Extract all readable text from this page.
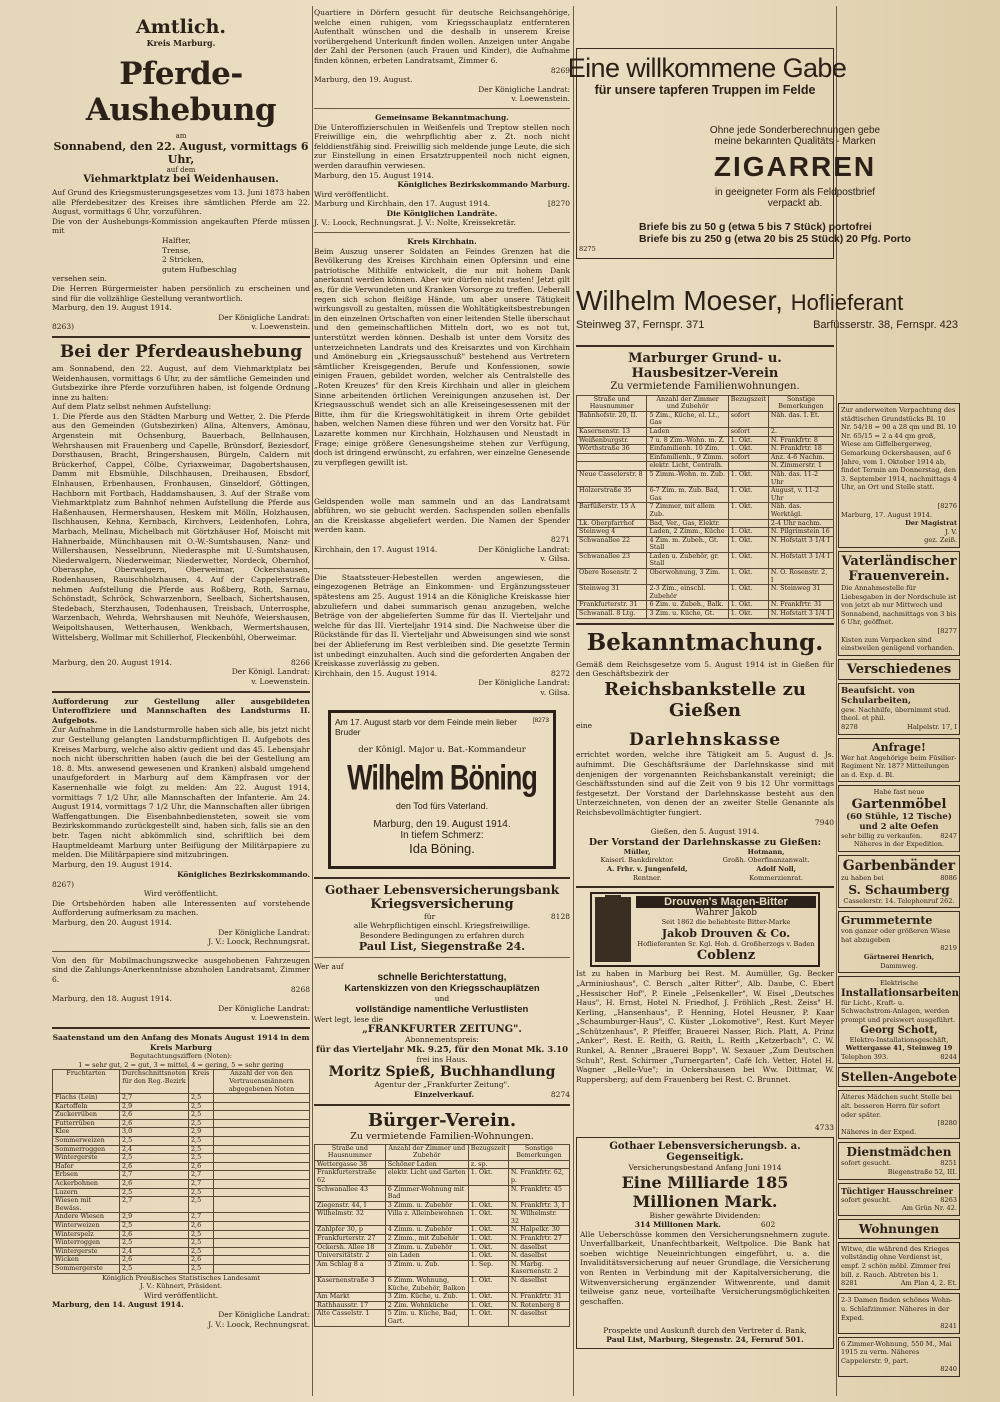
Amtlich.
Kreis Marburg.
Pferde-Aushebung
am
Sonnabend, den 22. August, vormittags 6 Uhr,
auf dem
Viehmarktplatz bei Weidenhausen.
Auf Grund des Kriegsmusterungsgesetzes vom 13. Juni 1873 haben alle Pferdebesitzer des Kreises ihre sämtlichen Pferde am 22. August, vormittags 6 Uhr, vorzuführen.
Die von der Aushebungs-Kommission angekauften Pferde müssen mit
Halfter,
Trense,
2 Stricken,
gutem Hufbeschlag
versehen sein.
Die Herren Bürgermeister haben persönlich zu erscheinen und sind für die vollzählige Gestellung verantwortlich.
Marburg, den 19. August 1914.
Der Königliche Landrat:
8263)	v. Loewenstein.
Bei der Pferdeaushebung
am Sonnabend, den 22. August, auf dem Viehmarktplatz bei Weidenhausen, vormittags 6 Uhr, zu der sämtliche Gemeinden und Gutsbezirke ihre Pferde vorzuführen haben, ist folgende Ordnung inne zu halten:
Auf dem Platz selbst nehmen Aufstellung:
1. Die Pferde aus den Städten Marburg und Wetter, 2. Die Pferde aus den Gemeinden (Gutsbezirken) Allna, Altenvers, Amönau, Argenstein mit Ochsenburg, Bauerbach, Bellnhausen, Wehrshausen mit Frauenberg und Capelle, Brünsdorf, Beziesdorf, Dorsthausen, Bracht, Bringershausen, Bürgeln, Caldern mit Brückerhof, Cappel, Cölbe, Cyriaxweimar, Dagobertshausen, Damm mit Ebsmühle, Dilschhausen, Dreihausen, Ebsdorf, Elnhausen, Erbenhausen, Fronhausen, Ginseldorf, Göttingen, Hachborn mit Fortbach, Haddamshausen, 3. Auf der Straße vom Viehmarktplatz zum Bahnhof nehmen Aufstellung die Pferde aus Haßenhausen, Hermershausen, Heskem mit Mölln, Holzhausen, Ilschhausen, Kehna, Kernbach, Kirchvers, Leidenhofen, Lohra, Marbach, Mellnau, Michelbach mit Görtzhäuser Hof, Moischt mit Hahnerbaide, Münchhausen mit O.-W.-Sumtshausen, Nanz- und Willershausen, Nesselbrunn, Niederasphe mit U.-Sumtshausen, Niederwalgern, Niederweimar, Niederwetter, Nordeck, Obernhof, Oberasphe, Oberwalgern, Oberweimar, Ockershausen, Rodenhausen, Rauischholzhausen, 4. Auf der Cappelerstraße nehmen Aufstellung die Pferde aus Roßberg, Roth, Sarnau, Schönstadt, Schröck, Schwarzenborn, Seelbach, Sichertshausen, Stedebach, Sterzhausen, Todenhausen, Treisbach, Unterrosphe, Warzenbach, Wehrda, Wehrshausen mit Neuhöfe, Weiershausen, Weipoltshausen, Wetterhausen, Wenkbach, Wermertshausen, Wittelsberg, Wollmar mit Schillerhof, Fleckenbühl, Oberweimar.
Marburg, den 20. August 1914.	8266
Der Königl. Landrat:
v. Loewenstein.
Aufforderung zur Gestellung aller ausgebildeten Unteroffiziere und Mannschaften des Landsturms II. Aufgebots.
Zur Aufnahme in die Landsturmrolle haben sich alle, bis jetzt nicht zur Gestellung gelangten Landsturmpflichtigen II. Aufgebots des Kreises Marburg, welche also aktiv gedient und das 45. Lebensjahr noch nicht überschritten haben (auch die bei der Gestellung am 18. 8. Mts. anwesend gewesenen und Kranken) alsbald umgehend unaufgefordert in Marburg auf dem Kämpfrasen vor der Kasernenhalle wie folgt zu melden: Am 22. August 1914, vormittags 7 1/2 Uhr, alle Mannschaften der Infanterie. Am 24. August 1914, vormittags 7 1/2 Uhr, die Mannschaften aller übrigen Waffengattungen. Die Eisenbahnbediensteten, soweit sie vom Bezirkskommando zurückgestellt sind, haben sich, falls sie an den betr. Tagen nicht abkömmlich sind, schriftlich bei dem Hauptmeldeamt Marburg unter Beifügung der Militärpapiere zu melden. Die Militärpapiere sind mitzubringen.
Marburg, den 19. August 1914.
Königliches Bezirkskommando.
8267)
Wird veröffentlicht.
Die Ortsbehörden haben alle Interessenten auf vorstehende Aufforderung aufmerksam zu machen.
Marburg, den 20. August 1914.
Der Königliche Landrat:
J. V.: Loock, Rechnungsrat.
Von den für Mobilmachungszwecke ausgehobenen Fahrzeugen sind die Zahlungs-Anerkenntnisse abzuholen Landratsamt, Zimmer 6.
8268
Marburg, den 18. August 1914.
Der Königliche Landrat:
v. Loewenstein.
Saatenstand um den Anfang des Monats August 1914 in dem Kreis Marburg
Begutachtungsziffern (Noten):
1 = sehr gut, 2 = gut, 3 = mittel, 4 = gering, 5 = sehr gering
Fruchtarten	Durchschnittsnoten für den Reg.-Bezirk	Kreis	Anzahl der von den Vertrauensmännern abgegebenen Noten
Flachs (Lein)	2,7	2,5	
Kartoffeln	2,9	2,5	
Zuckerrüben	2,6	2,5	
Futterrüben	2,6	2,5	
Klee	3,0	2,9	
Sommerweizen	2,5	2,5	
Sommerroggen	2,4	2,5	
Wintergerste	2,5	2,5	
Hafer	2,6	2,6	
Erbsen	2,7	2,7	
Ackerbohnen	2,6	2,7	
Luzern	2,5	2,5	
Wiesen mit Bewäss.	2,7	2,5	
Andere Wiesen	2,9	2,7	
Winterweizen	2,5	2,6	
Winterspelz	2,6	2,5	
Winterroggen	2,5	2,5	
Wintergerste	2,4	2,5	
Wicken	2,6	2,6	
Sommergerste	2,5	2,5	
Königlich Preußisches Statistisches Landesamt
J. V.: Kühnert, Präsident.
Wird veröffentlicht.
Marburg, den 14. August 1914.
Der Königliche Landrat:
J. V.: Loock, Rechnungsrat.
Quartiere in Dörfern gesucht für deutsche Reichsangehörige, welche einen ruhigen, vom Kriegsschauplatz entfernteren Aufenthalt wünschen und die deshalb in unserem Kreise vorübergehend Unterkunft finden wollen. Anzeigen unter Angabe der Zahl der Personen (auch Frauen und Kinder), die Aufnahme finden können, erbeten Landratsamt, Zimmer 6.
8269
Marburg, den 19. August.
Der Königliche Landrat:
v. Loewenstein.
Gemeinsame Bekanntmachung.
Die Unteroffizierschulen in Weißenfels und Treptow stellen noch Freiwillige ein, die wehrpflichtig aber z. Zt. noch nicht felddienstfähig sind. Freiwillig sich meldende junge Leute, die sich zur Einstellung in einen Ersatztruppenteil noch nicht eignen, werden daraufhin verwiesen.
Marburg, den 15. August 1914.
Königliches Bezirkskommando Marburg.
Wird veröffentlicht.
Marburg und Kirchhain, den 17. August 1914.	[8270
Die Königlichen Landräte.
J. V.: Loock, Rechnungsrat. J. V.: Nolte, Kreissekretär.
Kreis Kirchhain.
Beim Auszug unserer Soldaten an Feindes Grenzen hat die Bevölkerung des Kreises Kirchhain einen Opfersinn und eine patriotische Mithilfe entwickelt, die nur mit hohem Dank anerkannt werden können. Aber wir dürfen nicht rasten! Jetzt gilt es, für die Verwundeten und Kranken Vorsorge zu treffen. Ueberall regen sich schon fleißige Hände, um aber unsere Tätigkeit wirkungsvoll zu gestalten, müssen die Wohltätigkeitsbestrebungen in den einzelnen Ortschaften von einer leitenden Stelle überschaut und den gemeinschaftlichen Mitteln dort, wo es not tut, unterstützt werden können. Deshalb ist unter dem Vorsitz des unterzeichneten Landrats und des Kreisarztes und von Kirchhain und Amöneburg ein „Kriegsausschuß" bestehend aus Vertretern sämtlicher Kreisgegenden, Berufe und Konfessionen, sowie einigen Frauen, gebildet worden, welcher als Centralstelle des „Roten Kreuzes" für den Kreis Kirchhain und aller in gleichem Sinne arbeitenden örtlichen Vereinigungen anzusehen ist. Der Kriegsausschuß wendet sich an alle Kreiseingesessenen mit der Bitte, ihm für die Kriegswohltätigkeit in ihrem Orte gebildet haben, welchen Namen diese führen und wer den Vorsitz hat. Für Lazarette kommen nur Kirchhain, Holzhausen und Neustadt in Frage; einige größere Genesungsheime stehen zur Verfügung, doch ist dringend erwünscht, zu erfahren, wer einzelne Genesende zu verpflegen gewillt ist.
Geldspenden wolle man sammeln und an das Landratsamt abführen, wo sie gebucht werden. Sachspenden sollen ebenfalls an die Kreiskasse abgeliefert werden. Die Namen der Spender werden kann.
8271
Kirchhain, den 17. August 1914.	Der Königliche Landrat:
v. Gilsa.
Die Staatssteuer-Hebestellen werden angewiesen, die eingezogenen Beträge an Einkommen- und Ergänzungssteuer spätestens am 25. August 1914 an die Königliche Kreiskasse hier abzuliefern und dabei summarisch genau anzugeben, welche Beträge von der abgelieferten Summe für das II. Vierteljahr und welche für das III. Vierteljahr 1914 sind. Die Nachweise über die Rückstände für das II. Vierteljahr und Abweisungen sind wie sonst bei der Ablieferung im Rest verbleiben sind. Die gesetzte Termin ist unbedingt einzuhalten. Auch sind die geforderten Angaben der Kreiskasse zuverlässig zu geben.
Kirchhain, den 15. August 1914.	8272
Der Königliche Landrat:
v. Gilsa.
Am 17. August starb vor dem Feinde mein lieber Bruder
[8273
der Königl. Major u. Bat.-Kommandeur
Wilhelm Böning
den Tod fürs Vaterland.
Marburg, den 19. August 1914.
In tiefem Schmerz:
Ida Böning.
Gothaer Lebensversicherungsbank
Kriegsversicherung
für	8128
alle Wehrpflichtigen einschl. Kriegsfreiwillige.
Besondere Bedingungen zu erfahren durch
Paul List, Siegenstraße 24.
Wer auf
schnelle Berichterstattung,
Kartenskizzen von den Kriegsschauplätzen
und
vollständige namentliche Verlustlisten
Wert legt, lese die
„FRANKFURTER ZEITUNG".
Abonnementspreis:
für das Vierteljahr Mk. 9.25, für den Monat Mk. 3.10
frei ins Haus.
Moritz Spieß, Buchhandlung
Agentur der „Frankfurter Zeitung".
Einzelverkauf.	8274
Bürger-Verein.
Zu vermietende Familien-Wohnungen.
Straße und Hausnummer	Anzahl der Zimmer und Zubehör	Bezugszeit	Sonstige Bemerkungen
Wettergasse 38	Schöner Laden	z. sp.	
Frankfurterstraße 62	elektr. Licht und Garten	1. Okt.	N. Frankfrtr. 62, p.
Schwanallee 43	6 Zimmer-Wohnung mit Bad		N. Frankfrtr. 45
Ziegenstr. 44, I	3 Zimm. u. Zubehör	1. Okt.	N. Frankfrtr. 3, I
Wilhelmstr. 32	Villa z. Alleinbewohnen	1. Okt.	N. Wilhelmstr. 32
Zahlpfer 30, p	4 Zimm. u. Zubehör	1. Okt.	N. Halpelkr. 30
Frankfurterstr. 27	2 Zimm., mit Zubehör	1. Okt.	N. Frankfrtr. 27
Ockersh. Allee 18	3 Zimm. u. Zubehör	1. Okt.	N. daselbst
Universitätstr. 2	ein Laden	1. Okt.	N. daselbst
Am Schlag 8 a	3 Zimm. u. Zub.	1. Sep.	N. Marbg. Kasernenstr. 2
Kasernenstraße 3	6 Zimm. Wohnung, Küche, Zubehör, Balkon	1. Okt.	N. daselbst
Am Markt	3 Zim. Küche, u. Zub.	1. Okt.	N. Frankfrtr. 31
Rathhausstr. 17	2 Zim. Wohnküche	1. Okt.	N. Rotenberg 8
Alte Casselstr. 1	5 Zim. u. Küche, Bad, Gart.	1. Okt.	N. daselbst
Eine willkommene Gabe
für unsere tapferen Truppen im Felde
Ohne jede Sonderberechnungen gebe
meine bekannten Qualitäts - Marken
ZIGARREN
in geeigneter Form als Feldpostbrief
verpackt ab.
Briefe bis zu 50 g (etwa 5 bis 7 Stück) portofrei
Briefe bis zu 250 g (etwa 20 bis 25 Stück) 20 Pfg. Porto
8275
Wilhelm Moeser, Hoflieferant
Steinweg 37, Fernspr. 371	Barfüsserstr. 38, Fernspr. 423
Marburger Grund- u. Hausbesitzer-Verein
Zu vermietende Familienwohnungen.
Straße und Hausnummer	Anzahl der Zimmer und Zubehör	Bezugszeit	Sonstige Bemerkungen
Bahnhofstr. 20, II.	5 Zim., Küche, el. Lt., Gas	sofort	Näh. das. I. Et.
Kasernenstr. 13	Laden	sofort	2.
Weißenburgstr.	7 u. 8 Zim.-Wohn. m. Z.	1. Okt.	N. Frankfrtr. 8
Wörthstraße 36	Einfamilienh. 10 Zim.	1. Okt.	N. Frankfrtr. 18
	Einfamilienh., 9 Zimm.	sofort	Anz. 4-6 Nachm.
	elektr. Licht, Centralh.		N. Zimmerstr. 1
Neue Casselerstr. 8	5 Zimm.-Wohn. m. Zub.	1. Okt.	Näh. das. 11-2 Uhr
Holzerstraße 35	6-7 Zim. m. Zub. Bad, Gas	1. Okt.	August, v. 11-2 Uhr
Barfüßerstr. 15 A	7 Zimmer, mit allem Zub.	1. Okt.	Näh. das. Werktägl.
Lk. Oberpfarrhof	Bad, Ver., Gas, Elektr.		2-4 Uhr nachm.
Steinweg 4	Laden, 2 Zimm., Küche	1. Okt.	N. Pilgrimstein 16
Schwanallee 22	4 Zim. m. Zubeh., Gt. Stall	1. Okt.	N. Hofstatt 3 1/4 I
Schwanallee 23	Laden u. Zubehör, gr. Stall	1. Okt.	N. Hofstatt 3 1/4 I
Obere Rosenstr. 2	Oberwohnung, 3 Zim.	1. Okt.	N. O. Rosenstr. 2, I
Steinweg 31	2-3 Zim., einschl. Zubehör	1. Okt.	N. Steinweg 31
Frankfurterstr. 31	6 Zim. u. Zubeh., Balk.	1. Okt.	N. Frankfrtr. 31
Schwanall. 8 Ltg.	3 Zim. u. Küche, Gt.	1. Okt.	N. Hofstatt 3 1/4 I
Bekanntmachung.
Gemäß dem Reichsgesetze vom 5. August 1914 ist in Gießen für den Geschäftsbezirk der
Reichsbankstelle zu Gießen
eine
Darlehnskasse
errichtet worden, welche ihre Tätigkeit am 5. August d. Js. aufnimmt. Die Geschäftsräume der Darlehnskasse sind mit denjenigen der vorgenannten Reichsbankanstalt vereinigt; die Geschäftsstunden sind auf die Zeit von 9 bis 12 Uhr vormittags festgesetzt. Der Vorstand der Darlehnskasse besteht aus den Unterzeichneten, von denen der an zweiter Stelle Genannte als Reichsbevollmächtigter fungiert.
7940
Gießen, den 5. August 1914.
Der Vorstand der Darlehnskasse zu Gießen:
Müller,
Kaiserl. Bankdirektor.
Hotmann,
Großh. Oberfinanzanwalt.
A. Frhr. v. Jungenfeld,
Rentner.
Adolf Noll,
Kommerzienrat.
Drouven's Magen-Bitter
Wahrer Jakob
Seit 1862 die beliebteste Bitter-Marke
Jakob Drouven & Co.
Hoflieferanten Sr. Kgl. Hoh. d. Großherzogs v. Baden
Coblenz
Ist zu haben in Marburg bei Rest. M. Aumüller, Gg. Becker „Arminiushaus", C. Bersch „alter Ritter", Alb. Daube, C. Ebert „Hessischer Hof", P. Einele „Felsenkeller", W. Eisel „Deutsches Haus", H. Ernst, Hotel N. Friedhof, J. Fröhlich „Rest. Zeiss" H. Kerling, „Hansenhaus", P. Henning, Hotel Heusner, P. Kaar „Schaumburger-Haus", C. Küster „Lokomotive", Rest. Kurt Meyer „Schützenhaus", P. Pfeiffer, Brauerei Nasser, Rich. Platt, A. Prinz „Anker", Rest. E. Reith, G. Reith, L. Reith „Ketzerbach", C. W. Runkel, A. Renner „Brauerei Bopp", W. Sexauer „Zum Deutschen Schuh", Rest. Schirmer „Turnergarten", Café Ich. Vetter, Hotel H. Wagner „Belle-Vue"; in Ockershausen bei Ww. Dittmar, W. Ruppersberg; auf dem Frauenberg bei Rest. C. Brunnet.
4733
Gothaer Lebensversicherungsb. a. Gegenseitigk.
Versicherungsbestand Anfang Juni 1914
Eine Milliarde 185 Millionen Mark.
Bisher gewährte Dividenden:
314 Millionen Mark.	602
Alle Ueberschüsse kommen den Versicherungsnehmern zugute. Unverfallbarkeit, Unanfechtbarkeit, Weltpolice. Die Bank hat soeben wichtige Neueinrichtungen eingeführt, u. a. die Invaliditätsversicherung auf neuer Grundlage, die Versicherung von Renten in Verbindung mit der Kapitalversicherung, die Witwenversicherung ergänzender Witwenrente, und damit teilweise ganz neue, vorteilhafte Versicherungsmöglichkeiten geschaffen.
Prospekte und Auskunft durch den Vertreter d. Bank,
Paul List, Marburg, Siegenstr. 24, Fernruf 501.
Zur anderweiten Verpachtung des städtischen Grundstücks Bl. 10 Nr. 54/18 = 90 a 28 qm und Bl. 10 Nr. 65/15 = 2 a 44 qm groß, Wiese am Giffelbergerweg, Gemarkung Ockershausen, auf 6 Jahre, vom 1. Oktober 1914 ab, findet Termin am Donnerstag, den 3. September 1914, nachmittags 4 Uhr, an Ort und Stelle statt.
[8276
Marburg, 17. August 1914.
Der Magistrat
J. V.
gez. Zeiß.
Vaterländischer Frauenverein.
Die Annahmestelle für Liebesgaben in der Nordschule ist von jetzt ab nur Mittwoch und Sonnabend, nachmittags von 3 bis 6 Uhr, geöffnet.
[8277
Kisten zum Verpacken sind einstweilen genügend vorhanden.
Verschiedenes
Beaufsicht. von Schularbeiten,
gew. Nachhilfe, übernimmt stud. theol. et phil.
8278	Halpelstr. 17, I
Anfrage!
Wer hat Angehörige beim Füsilier-Regiment Nr. 187? Mitteilungen an d. Exp. d. Bl.
Habe fast neue
Gartenmöbel
(60 Stühle, 12 Tische) und 2 alte Oefen
sehr billig zu verkaufen.	8247
Näheres in der Expedition.
Garbenbänder
zu haben bei	8086
S. Schaumberg
Casselerstr. 14. Telephonruf 262.
Grummeternte
von ganzer oder größeren Wiese hat abzugeben
8219
Gärtnerei Henrich,
Dammweg.
Elektrische
Installationsarbeiten
für Licht-, Kraft- u. Schwachstrom-Anlagen, werden prompt und preiswert ausgeführt.
Georg Schott,
Elektro-Installationsgeschäft,
Wettergasse 41, Steinweg 19
Telephon 393.	8244
Stellen-Angebote
Älteres Mädchen sucht Stelle bei alt. besseren Herrn für sofort oder später.
[8280
Näheres in der Exped.
Dienstmädchen
sofort gesucht.	8251
Biegenstraße 52, III.
Tüchtiger Hausschreiner
sofort gesucht.	8263
Am Grün Nr. 42.
Wohnungen
Witwe, die während des Krieges vollständig ohne Verdienst ist, empf. 2 schön möbl. Zimmer frei bill. z. Rauch. Abtreten bis 1.
8281	Am Plan 4, 2. Et.
2-3 Damen finden schönes Wohn- u. Schlafzimmer. Näheres in der Exped.
8241
6 Zimmer-Wohnung, 550 M., Mai 1915 zu verm. Näheres Cappelerstr. 9, part.
8240
